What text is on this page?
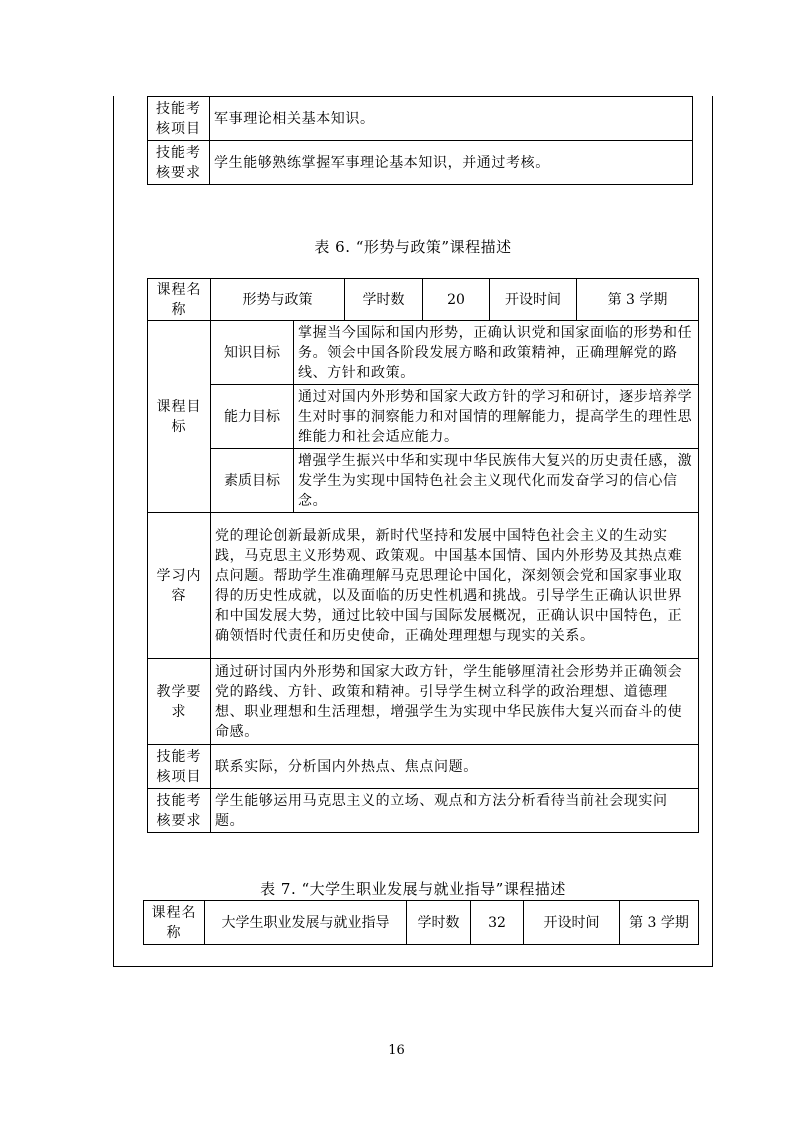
技能考核项目	军事理论相关基本知识。
技能考核要求	学生能够熟练掌握军事理论基本知识，并通过考核。
表 6. “形势与政策”课程描述
课程名称	形势与政策		学时数	20	开设时间	第 3 学期
课程目标	知识目标	掌握当今国际和国内形势，正确认识党和国家面临的形势和任务。领会中国各阶段发展方略和政策精神，正确理解党的路线、方针和政策。				
	能力目标	通过对国内外形势和国家大政方针的学习和研讨，逐步培养学生对时事的洞察能力和对国情的理解能力，提高学生的理性思维能力和社会适应能力。				
	素质目标	增强学生振兴中华和实现中华民族伟大复兴的历史责任感，激发学生为实现中国特色社会主义现代化而发奋学习的信心信念。				
学习内容	党的理论创新最新成果，新时代坚持和发展中国特色社会主义的生动实践，马克思主义形势观、政策观。中国基本国情、国内外形势及其热点难点问题。帮助学生准确理解马克思理论中国化，深刻领会党和国家事业取得的历史性成就，以及面临的历史性机遇和挑战。引导学生正确认识世界和中国发展大势，通过比较中国与国际发展概况，正确认识中国特色，正确领悟时代责任和历史使命，正确处理理想与现实的关系。					
教学要求	通过研讨国内外形势和国家大政方针，学生能够厘清社会形势并正确领会党的路线、方针、政策和精神。引导学生树立科学的政治理想、道德理想、职业理想和生活理想，增强学生为实现中华民族伟大复兴而奋斗的使命感。					
技能考核项目	联系实际，分析国内外热点、焦点问题。					
技能考核要求	学生能够运用马克思主义的立场、观点和方法分析看待当前社会现实问题。					
表 7. “大学生职业发展与就业指导”课程描述
课程名称	大学生职业发展与就业指导	学时数	32	开设时间	第 3 学期
16
